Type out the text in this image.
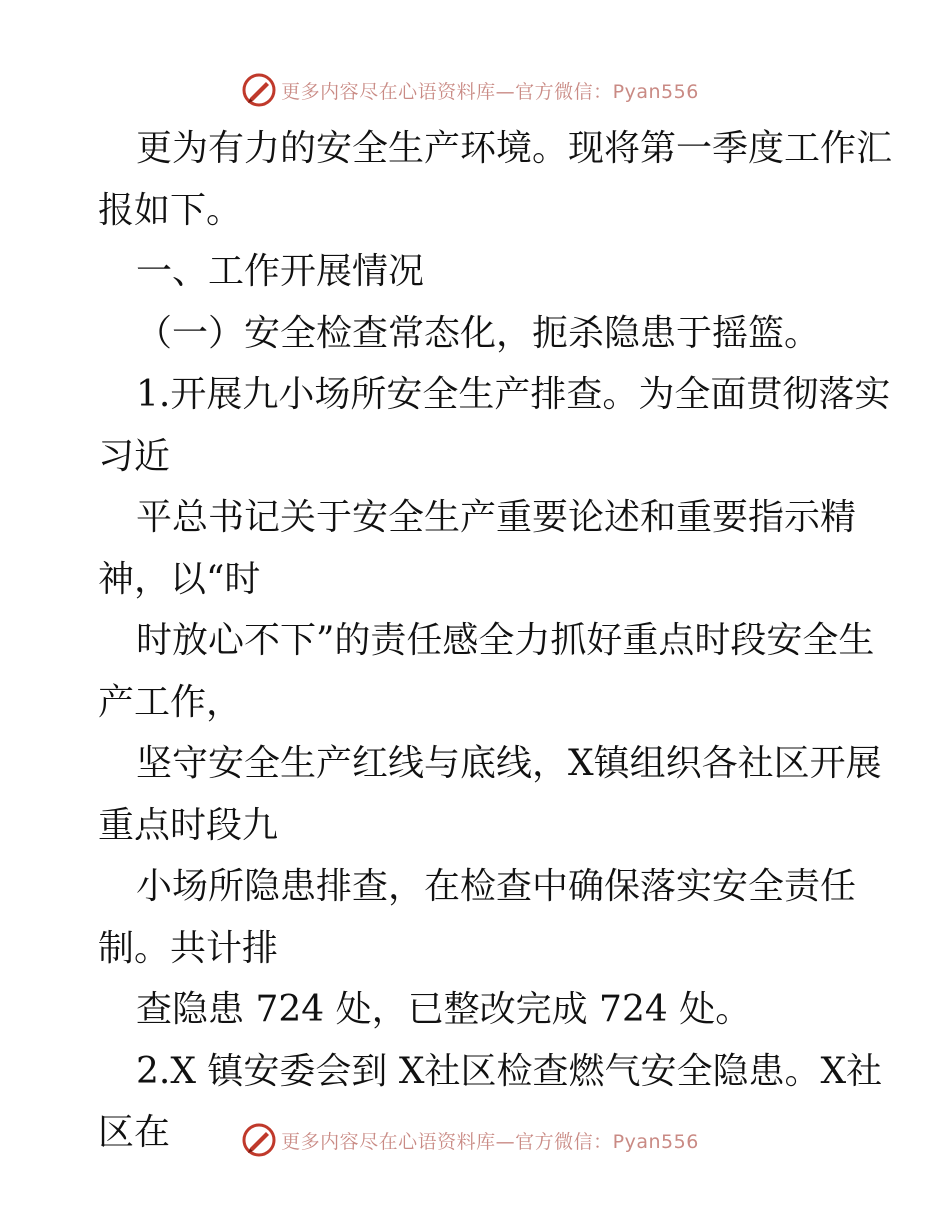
更多内容尽在心语资料库—官方微信：Pyan556

更为有力的安全生产环境。现将第一季度工作汇

报如下。

一、工作开展情况

（一）安全检查常态化，扼杀隐患于摇篮。

1.开展九小场所安全生产排查。为全面贯彻落实

习近

平总书记关于安全生产重要论述和重要指示精

神，以“时

时放心不下”的责任感全力抓好重点时段安全生

产工作，

坚守安全生产红线与底线，X镇组织各社区开展

重点时段九

小场所隐患排查，在检查中确保落实安全责任

制。共计排

查隐患 724 处，已整改完成 724 处。

2.X 镇安委会到 X社区检查燃气安全隐患。X社

区在	更多内容尽在心语资料库—官方微信：Pyan556
